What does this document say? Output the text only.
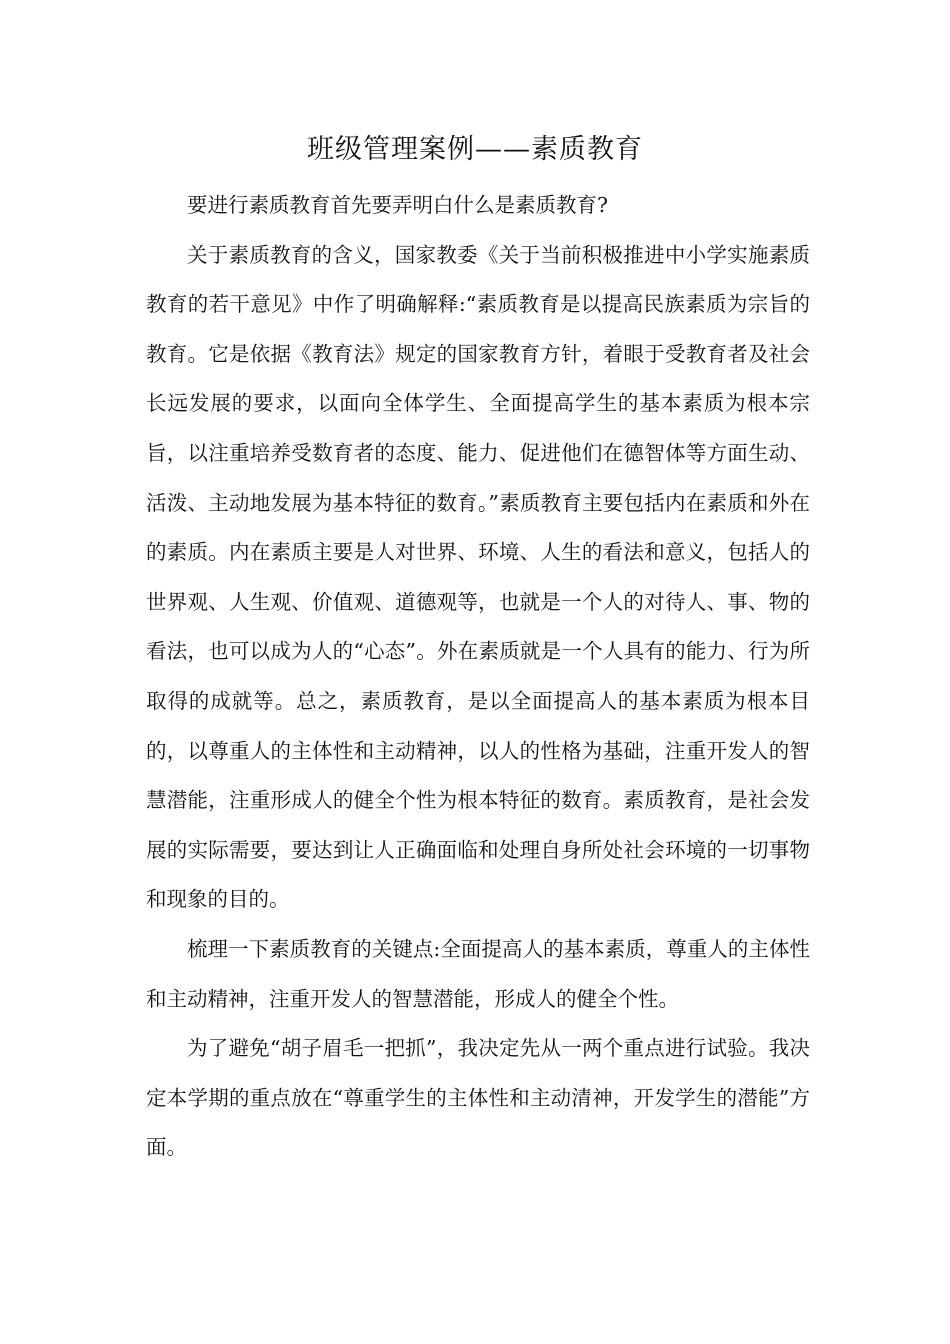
班级管理案例——素质教育

要进行素质教育首先要弄明白什么是素质教育?

关于素质教育的含义，国家教委《关于当前积极推进中小学实施素质教育的若干意见》中作了明确解释:“素质教育是以提高民族素质为宗旨的教育。它是依据《教育法》规定的国家教育方针，着眼于受教育者及社会长远发展的要求，以面向全体学生、全面提高学生的基本素质为根本宗旨，以注重培养受数育者的态度、能力、促进他们在德智体等方面生动、活泼、主动地发展为基本特征的数育。”素质教育主要包括内在素质和外在的素质。内在素质主要是人对世界、环境、人生的看法和意义，包括人的世界观、人生观、价值观、道德观等，也就是一个人的对待人、事、物的看法，也可以成为人的“心态”。外在素质就是一个人具有的能力、行为所取得的成就等。总之，素质教育，是以全面提高人的基本素质为根本目的，以尊重人的主体性和主动精神，以人的性格为基础，注重开发人的智慧潜能，注重形成人的健全个性为根本特征的数育。素质教育，是社会发展的实际需要，要达到让人正确面临和处理自身所处社会环境的一切事物和现象的目的。

梳理一下素质教育的关键点:全面提高人的基本素质，尊重人的主体性和主动精神，注重开发人的智慧潜能，形成人的健全个性。

为了避免“胡子眉毛一把抓”，我决定先从一两个重点进行试验。我决定本学期的重点放在“尊重学生的主体性和主动清神，开发学生的潜能”方面。
